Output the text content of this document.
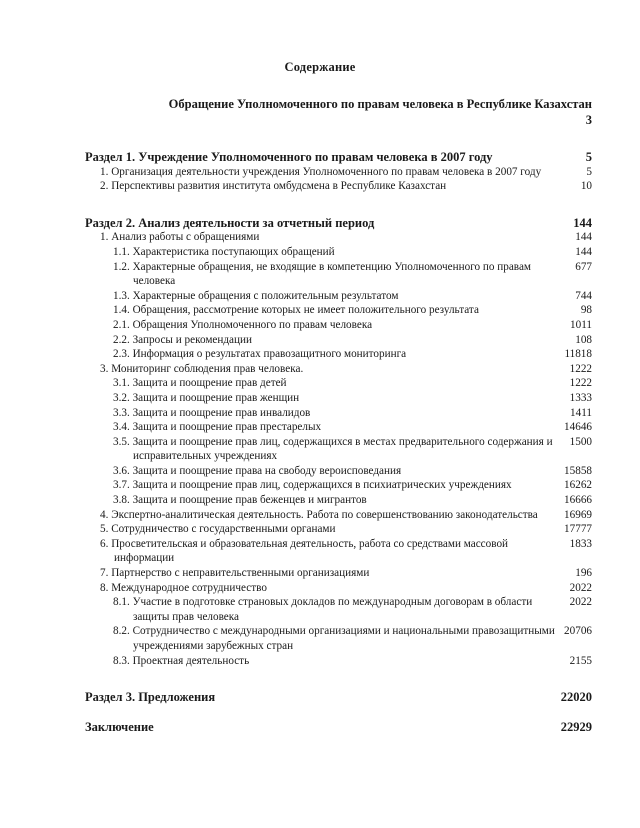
Содержание
Обращение Уполномоченного по правам человека в Республике Казахстан
3
Раздел 1. Учреждение Уполномоченного по правам человека в 2007 году	5
1. Организация деятельности учреждения Уполномоченного по правам человека в 2007 году	5
2. Перспективы развития института омбудсмена в Республике Казахстан	10
Раздел 2. Анализ деятельности за отчетный период	144
1. Анализ работы с обращениями	144
1.1. Характеристика поступающих обращений	144
1.2. Характерные обращения, не входящие в компетенцию Уполномоченного по правам человека
677
1.3. Характерные обращения с положительным результатом	744
1.4. Обращения, рассмотрение которых не имеет положительного результата	98
2.1. Обращения Уполномоченного по правам человека	1011
2.2. Запросы и рекомендации	108
2.3. Информация о результатах правозащитного мониторинга	11818
3. Мониторинг соблюдения прав человека.	1222
3.1. Защита и поощрение прав детей	1222
3.2. Защита и поощрение прав женщин	1333
3.3. Защита и поощрение прав инвалидов	1411
3.4. Защита и поощрение прав престарелых	14646
3.5. Защита и поощрение прав лиц, содержащихся в местах предварительного содержания и исправительных учреждениях
1500
3.6. Защита и поощрение права на свободу вероисповедания	15858
3.7. Защита и поощрение прав лиц, содержащихся в психиатрических учреждениях	16262
3.8. Защита и поощрение прав беженцев и мигрантов	16666
4. Экспертно-аналитическая деятельность. Работа по совершенствованию законодательства	16969
5. Сотрудничество с государственными органами	17777
6. Просветительская и образовательная деятельность, работа со средствами массовой информации
1833
7. Партнерство с неправительственными организациями	196
8. Международное сотрудничество	2022
8.1. Участие в подготовке страновых докладов по международным договорам в области защиты прав человека
2022
8.2. Сотрудничество с международными организациями и национальными правозащитными учреждениями зарубежных стран
20706
8.3. Проектная деятельность	2155
Раздел 3. Предложения	22020
Заключение	22929
